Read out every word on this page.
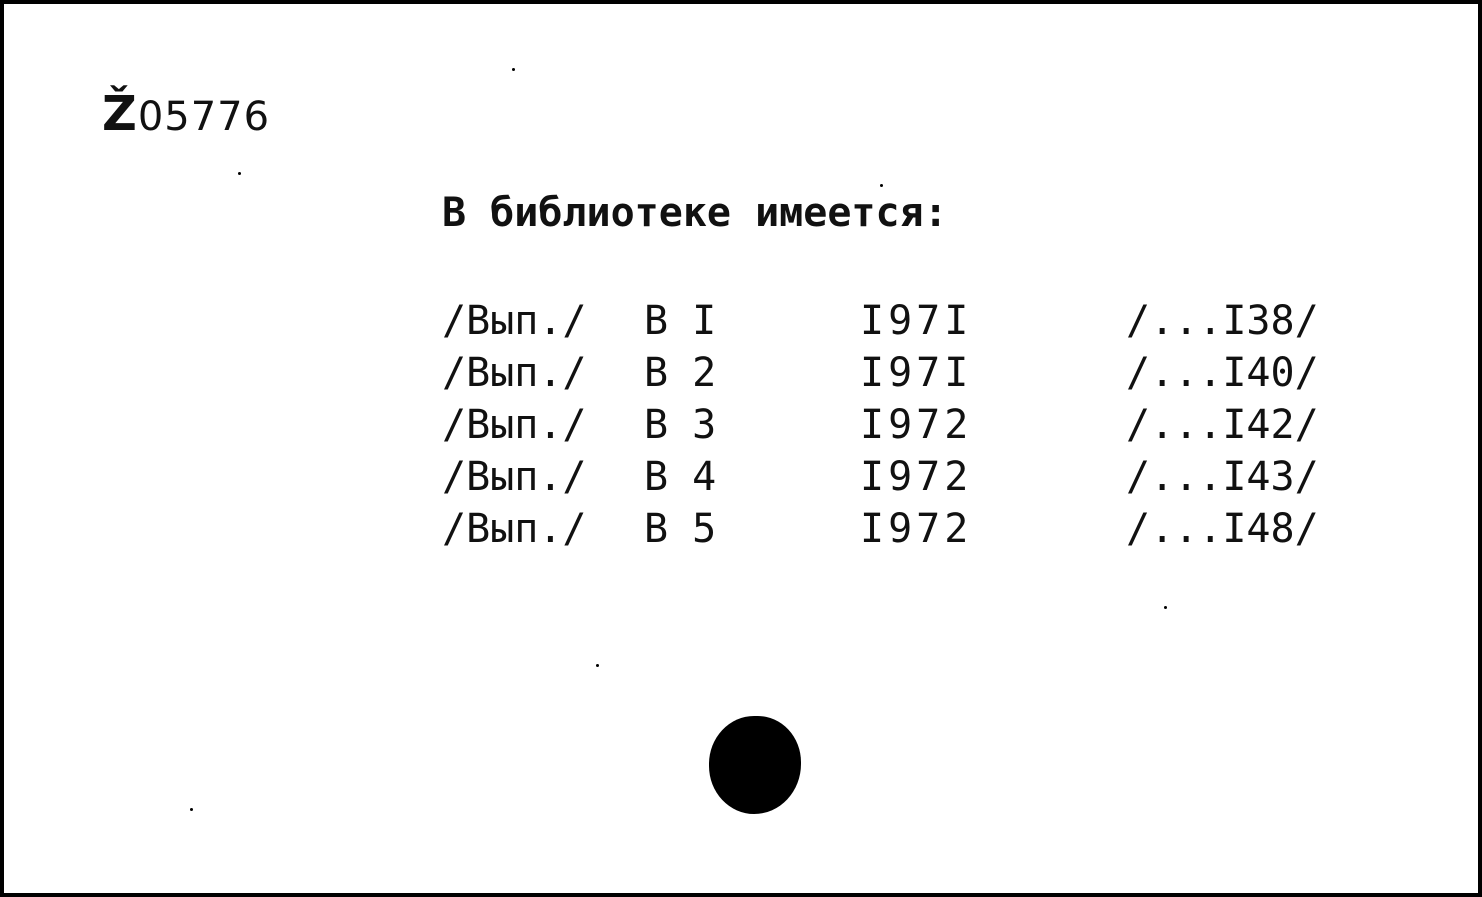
Ž05776
В библиотеке имеется:
/Вып./ В I	I97I	/...I38/
/Вып./ В 2	I97I	/...I40/
/Вып./ В 3	I972	/...I42/
/Вып./ В 4	I972	/...I43/
/Вып./ В 5	I972	/...I48/
